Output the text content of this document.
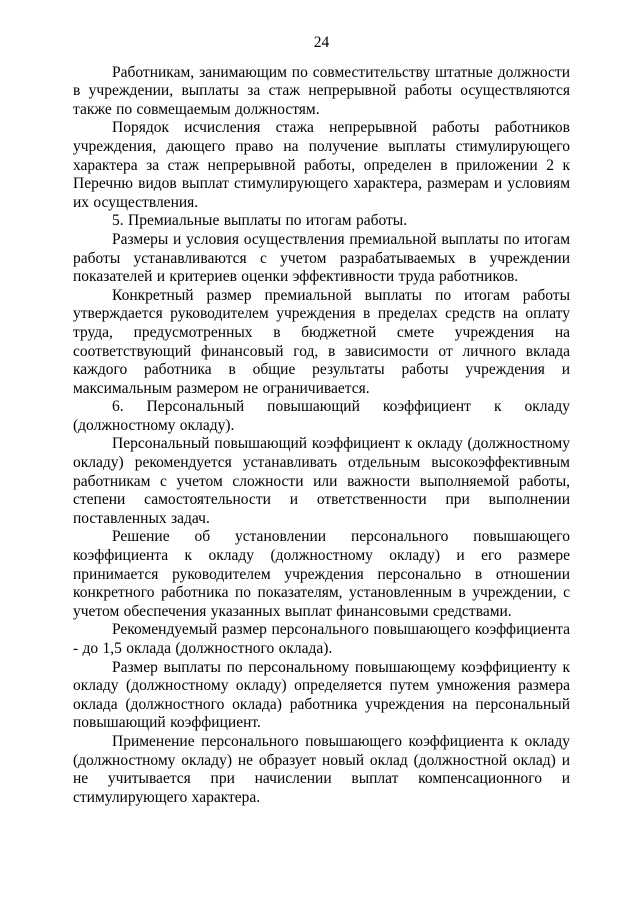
24

Работникам, занимающим по совместительству штатные должности в учреждении, выплаты за стаж непрерывной работы осуществляются также по совмещаемым должностям.

Порядок исчисления стажа непрерывной работы работников учреждения, дающего право на получение выплаты стимулирующего характера за стаж непрерывной работы, определен в приложении 2 к Перечню видов выплат стимулирующего характера, размерам и условиям их осуществления.

5. Премиальные выплаты по итогам работы.

Размеры и условия осуществления премиальной выплаты по итогам работы устанавливаются с учетом разрабатываемых в учреждении показателей и критериев оценки эффективности труда работников.

Конкретный размер премиальной выплаты по итогам работы утверждается руководителем учреждения в пределах средств на оплату труда, предусмотренных в бюджетной смете учреждения на соответствующий финансовый год, в зависимости от личного вклада каждого работника в общие результаты работы учреждения и максимальным размером не ограничивается.

6. Персональный повышающий коэффициент к окладу (должностному окладу).

Персональный повышающий коэффициент к окладу (должностному окладу) рекомендуется устанавливать отдельным высокоэффективным работникам с учетом сложности или важности выполняемой работы, степени самостоятельности и ответственности при выполнении поставленных задач.

Решение об установлении персонального повышающего коэффициента к окладу (должностному окладу) и его размере принимается руководителем учреждения персонально в отношении конкретного работника по показателям, установленным в учреждении, с учетом обеспечения указанных выплат финансовыми средствами.

Рекомендуемый размер персонального повышающего коэффициента - до 1,5 оклада (должностного оклада).

Размер выплаты по персональному повышающему коэффициенту к окладу (должностному окладу) определяется путем умножения размера оклада (должностного оклада) работника учреждения на персональный повышающий коэффициент.

Применение персонального повышающего коэффициента к окладу (должностному окладу) не образует новый оклад (должностной оклад) и не учитывается при начислении выплат компенсационного и стимулирующего характера.
